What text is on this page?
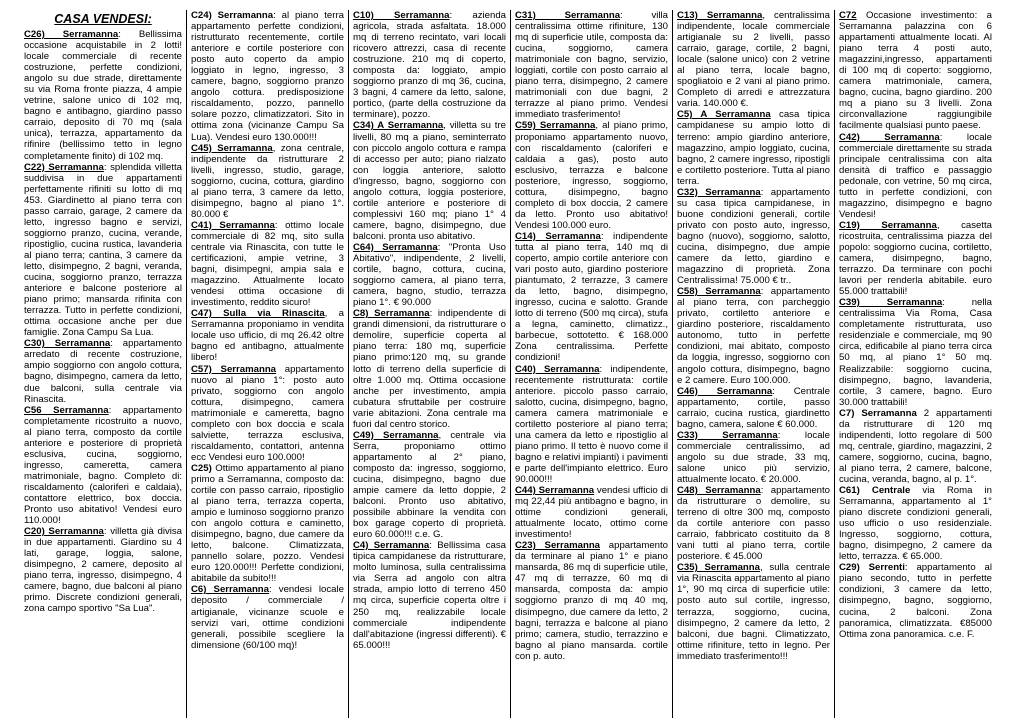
CASA VENDESI:

C26) Serramanna: Bellissima occasione acquistabile in 2 lotti! locale commerciale di recente costruzione, perfette condizioni, angolo su due strade, direttamente su via Roma fronte piazza, 4 ampie vetrine, salone unico di 102 mq, bagno e antibagno, giardino passo carraio, deposito di 70 mq (sala unica), terrazza, appartamento da rifinire (bellissimo tetto in legno completamente finito) di 102 mq.

C22) Serramanna: splendida villetta suddivisa in due appartamenti perfettamente rifiniti su lotto di mq 453. Giardinetto al piano terra con passo carraio, garage, 2 camere da letto, ingresso bagno e servizi, soggiorno pranzo, cucina, verande, ripostiglio, cucina rustica, lavanderia al piano terra; cantina, 3 camere da letto, disimpegno, 2 bagni, veranda, cucina, soggiorno pranzo, terrazza anteriore e balcone posteriore al piano primo; mansarda rifinita con terrazza. Tutto in perfette condizioni, ottima occasione anche per due famiglie. Zona Campu Sa Lua.

C30) Serramanna: appartamento arredato di recente costruzione, ampio soggiorno con angolo cottura, bagno, disimpegno, camera da letto, due balconi, sulla centrale via Rinascita.

C56 Serramanna: appartamento completamente ricostruito a nuovo, al piano terra, composto da cortile anteriore e posteriore di proprietà esclusiva, cucina, soggiorno, ingresso, cameretta, camera matrimoniale, bagno. Completo di: riscaldamento (caloriferi e caldaia), contattore elettrico, box doccia. Pronto uso abitativo! Vendesi euro 110.000!

C20) Serramanna: villetta già divisa in due appartamenti. Giardino su 4 lati, garage, loggia, salone, disimpegno, 2 camere, deposito al piano terra, ingresso, disimpegno, 4 camere, bagno, due balconi al piano primo. Discrete condizioni generali, zona campo sportivo "Sa Lua".

C24) Serramanna: al piano terra appartamento perfette condizioni, ristrutturato recentemente, cortile anteriore e cortile posteriore con posto auto coperto da ampio loggiato in legno, ingresso, 3 camere, bagno, soggiorno pranzo angolo cottura. predisposizione riscaldamento, pozzo, pannello solare pozzo, climatizzatori. Sito in ottima zona (vicinanze Campu Sa Lua). Vendesi euro 130.000!!!

C45) Serramanna, zona centrale, indipendente da ristrutturare 2 livelli, ingresso, studio, garage, soggiorno, cucina, cottura, giardino al piano terra, 3 camere da letto, disimpegno, bagno al piano 1°. 80.000 €

C41) Serramanna: ottimo locale commerciale di 82 mq, sito sulla centrale via Rinascita, con tutte le certificazioni, ampie vetrine, 3 bagni, disimpegni, ampia sala e magazzino. Attualmente locato vendesi ottima occasione di investimento, reddito sicuro!

C47) Sulla via Rinascita, a Serramanna proponiamo in vendita locale uso ufficio, di mq 26.42 oltre bagno ed antibagno, attualmente libero!

C57) Serramanna appartamento nuovo al piano 1°: posto auto privato, soggiorno con angolo cottura, disimpegno, camera matrimoniale e cameretta, bagno completo con box doccia e scala salviette, terrazza esclusiva, riscaldamento, contattori, antenna ecc Vendesi euro 100.000!

C25) Ottimo appartamento al piano primo a Serramanna, composto da: cortile con passo carraio, ripostiglio al piano terra, terrazza coperta, ampio e luminoso soggiorno pranzo con angolo cottura e caminetto, disimpegno, bagno, due camere da letto, balcone. Climatizzata, pannello solare, pozzo. Vendesi euro 120.000!!! Perfette condizioni, abitabile da subito!!!

C6) Serramanna: vendesi locale deposito / commerciale / artigianale, vicinanze scuole e servizi vari, ottime condizioni generali, possibile scegliere la dimensione (60/100 mq)!

C10) Serramanna: azienda agricola, strada asfaltata. 18.000 mq di terreno recintato, vari locali ricovero attrezzi, casa di recente costruzione. 210 mq di coperto, composta da: loggiato, ampio soggiorno pranzo di mq 36, cucina, 3 bagni, 4 camere da letto, salone, portico, (parte della costruzione da terminare), pozzo.

C34) A Serramanna, villetta su tre livelli, 80 mq a piano, seminterrato con piccolo angolo cottura e rampa di accesso per auto; piano rialzato con loggia anteriore, salotto d'ingresso, bagno, soggiorno con angolo cottura, loggia posteriore, cortile anteriore e posteriore di complessivi 160 mq; piano 1° 4 camere, bagno, disimpegno, due balconi. pronta uso abitativo.

C64) Serramanna: "Pronta Uso Abitativo", indipendente, 2 livelli, cortile, bagno, cottura, cucina, soggiorno camera, al piano terra, camera, bagno, studio, terrazza piano 1°. € 90.000

C8) Serramanna: indipendente di grandi dimensioni, da ristrutturare o demolire, superficie coperta al piano terra: 180 mq, superficie piano primo:120 mq, su grande lotto di terreno della superficie di oltre 1.000 mq. Ottima occasione anche per investimento, ampia cubatura sfruttabile per costruire varie abitazioni. Zona centrale ma fuori dal centro storico.

C49) Serramanna, centrale via Serra, proponiamo ottimo appartamento al 2° piano, composto da: ingresso, soggiorno, cucina, disimpegno, bagno due ampie camere da letto doppie, 2 balconi. Pronto uso abitativo, possibile abbinare la vendita con box garage coperto di proprietà. euro 60.000!!! c.e. G.

C4) Serramanna: Bellissima casa tipica campidanese da ristrutturare, molto luminosa, sulla centralissima via Serra ad angolo con altra strada, ampio lotto di terreno 450 mq circa, superficie coperta oltre i 250 mq, realizzabile locale commerciale indipendente dall'abitazione (ingressi differenti). € 65.000!!!

C31) Serramanna: villa centralissima ottime rifiniture, 130 mq di superficie utile, composta da: cucina, soggiorno, camera matrimoniale con bagno, servizio, loggiati, cortile con posto carraio al piano terra, disimpegno, 2 camere matrimoniali con due bagni, 2 terrazze al piano primo. Vendesi immediato trasferimento!

C59) Serramanna, al piano primo, proponiamo appartamento nuovo, con riscaldamento (caloriferi e caldaia a gas), posto auto esclusivo, terrazza e balcone posteriore, ingresso, soggiorno, cottura, disimpegno, bagno completo di box doccia, 2 camere da letto. Pronto uso abitativo! Vendesi 100.000 euro.

C14) Serramanna: indipendente tutta al piano terra, 140 mq di coperto, ampio cortile anteriore con vari posto auto, giardino posteriore piantumato, 2 terrazze, 3 camere da letto, bagno, disimpegno, ingresso, cucina e salotto. Grande lotto di terreno (500 mq circa), stufa a legna, caminetto, climatizz., barbecue, sottotetto. € 168.000 Zona centralissima. Perfette condizioni!

C40) Serramanna: indipendente, recentemente ristrutturata: cortile anteriore. piccolo passo carraio, salotto, cucina, disimpegno, bagno, camera camera matrimoniale e cortiletto posteriore al piano terra; una camera da letto e ripostiglio al piano primo. Il tetto è nuovo come il bagno e relativi impianti) i pavimenti e parte dell'impianto elettrico. Euro 90.000!!!

C44) Serramanna vendesi ufficio di mq 22,44 più antibagno e bagno, in ottime condizioni generali, attualmente locato, ottimo come investimento!

C23) Serramanna appartamento da terminare al piano 1° e piano mansarda, 86 mq di superficie utile, 47 mq di terrazze, 60 mq di mansarda, composta da: ampio soggiorno pranzo di mq 40 mq, disimpegno, due camere da letto, 2 bagni, terrazza e balcone al piano primo; camera, studio, terrazzino e bagno al piano mansarda. cortile con p. auto.

C13) Serramanna, centralissima indipendente, locale commerciale artigianale su 2 livelli, passo carraio, garage, cortile, 2 bagni, locale (salone unico) con 2 vetrine al piano terra, locale bagno, spogliatoio e 2 vani al piano primo. Completo di arredi e attrezzatura varia. 140.000 €.

C5) A Serramanna casa tipica campidanese su ampio lotto di terreno: ampio giardino anteriore, magazzino, ampio loggiato, cucina, bagno, 2 camere ingresso, ripostigli e cortiletto posteriore. Tutta al piano terra.

C32) Serramanna: appartamento su casa tipica campidanese, in buone condizioni generali, cortile privato con posto auto, ingresso, bagno (nuovo), soggiorno, salotto, cucina, disimpegno, due ampie camere da letto, giardino e magazzino di proprietà. Zona Centralissima! 75.000 € tr..

C58) Serramanna: appartamento al piano terra, con parcheggio privato, cortiletto anteriore e giardino posteriore, riscaldamento autonomo, tutto in perfette condizioni, mai abitato, composto da loggia, ingresso, soggiorno con angolo cottura, disimpegno, bagno e 2 camere. Euro 100.000.

C46) Serramanna: Centrale appartamento, cortile, passo carraio, cucina rustica, giardinetto bagno, camera, salone € 60.000.

C33) Serramanna: locale commerciale centralissimo, ad angolo su due strade, 33 mq, salone unico più servizio, attualmente locato. € 20.000.

C48) Serramanna: appartamento da ristrutturare o demolire, su terreno di oltre 300 mq, composto da cortile anteriore con passo carraio, fabbricato costituito da 8 vani tutti al piano terra, cortile posteriore. € 45.000

C35) Serramanna, sulla centrale via Rinascita appartamento al piano 1°, 90 mq circa di superficie utile: posto auto sul cortile, ingresso, terrazza, soggiorno, cucina, disimpegno, 2 camere da letto, 2 balconi, due bagni. Climatizzato, ottime rifiniture, tetto in legno. Per immediato trasferimento!!!

C72 Occasione investimento: a Serramanna palazzina con 6 appartamenti attualmente locati. Al piano terra 4 posti auto, magazzini,ingresso, appartamenti di 100 mq di coperto: soggiorno, camera matrimoniale, camera, bagno, cucina, bagno giardino. 200 mq a piano su 3 livelli. Zona circonvallazione raggiungibile facilmente qualsiasi punto paese.

C42) Serramanna: locale commerciale direttamente su strada principale centralissima con alta densità di traffico e passaggio pedonale, con vetrine, 50 mq circa, tutto in perfette condizioni, con magazzino, disimpegno e bagno Vendesi!

C19) Serramanna, casetta ricostruita, centralissima piazza del popolo: soggiorno cucina, cortiletto, camera, disimpegno, bagno, terrazzo. Da terminare con pochi lavori per renderla abitabile. euro 55.000 trattabili!

C39) Serramanna: nella centralissima Via Roma, Casa completamente ristrutturata, uso residenziale e commerciale, mq 90 circa, edificabile al piano terra circa 50 mq, al piano 1° 50 mq. Realizzabile: soggiorno cucina, disimpegno, bagno, lavanderia, cortile, 3 camere, bagno. Euro 30.000 trattabili!

C7) Serramanna 2 appartamenti da ristrutturare di 120 mq indipendenti, lotto regolare di 500 mq, centrale, giardino, magazzini, 2 camere, soggiorno, cucina, bagno, al piano terra, 2 camere, balcone, cucina, veranda, bagno, al p. 1°.

C61) Centrale via Roma in Serramanna, appartamento al 1° piano discrete condizioni generali, uso ufficio o uso residenziale. Ingresso, soggiorno, cottura, bagno, disimpegno, 2 camere da letto, terrazza. € 65.000.

C29) Serrenti: appartamento al piano secondo, tutto in perfette condizioni, 3 camere da letto, disimpegno, bagno, soggiorno, cucina, 2 balconi. Zona panoramica, climatizzata. €85000 Ottima zona panoramica. c.e. F.
